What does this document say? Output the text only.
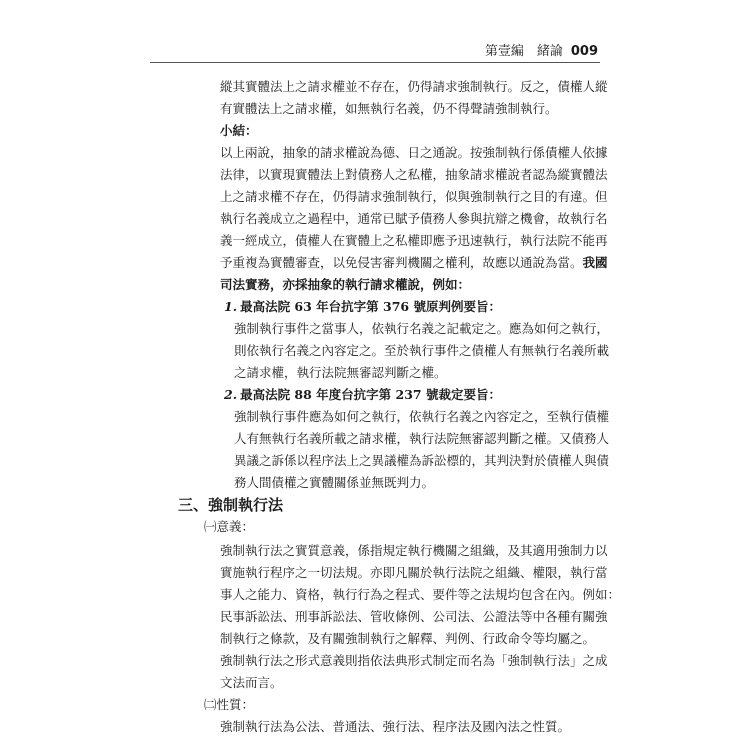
第壹編　緒論 009
縱其實體法上之請求權並不存在，仍得請求強制執行。反之，債權人縱
有實體法上之請求權，如無執行名義，仍不得聲請強制執行。
小結：
以上兩說，抽象的請求權說為德、日之通說。按強制執行係債權人依據
法律，以實現實體法上對債務人之私權，抽象請求權說者認為縱實體法
上之請求權不存在，仍得請求強制執行，似與強制執行之目的有違。但
執行名義成立之過程中，通常已賦予債務人參與抗辯之機會，故執行名
義一經成立，債權人在實體上之私權即應予迅速執行，執行法院不能再
予重複為實體審查，以免侵害審判機關之權利，故應以通說為當。我國
司法實務，亦採抽象的執行請求權說，例如：
1. 最高法院 63 年台抗字第 376 號原判例要旨：
強制執行事件之當事人，依執行名義之記載定之。應為如何之執行，
則依執行名義之內容定之。至於執行事件之債權人有無執行名義所載
之請求權，執行法院無審認判斷之權。
2. 最高法院 88 年度台抗字第 237 號裁定要旨：
強制執行事件應為如何之執行，依執行名義之內容定之，至執行債權
人有無執行名義所載之請求權，執行法院無審認判斷之權。又債務人
異議之訴係以程序法上之異議權為訴訟標的，其判決對於債權人與債
務人間債權之實體關係並無既判力。
三、強制執行法
㈠意義：
強制執行法之實質意義，係指規定執行機關之組織，及其適用強制力以
實施執行程序之一切法規。亦即凡關於執行法院之組織、權限，執行當
事人之能力、資格，執行行為之程式、要件等之法規均包含在內。例如：
民事訴訟法、刑事訴訟法、管收條例、公司法、公證法等中各種有關強
制執行之條款，及有關強制執行之解釋、判例、行政命令等均屬之。
強制執行法之形式意義則指依法典形式制定而名為「強制執行法」之成
文法而言。
㈡性質：
強制執行法為公法、普通法、強行法、程序法及國內法之性質。
